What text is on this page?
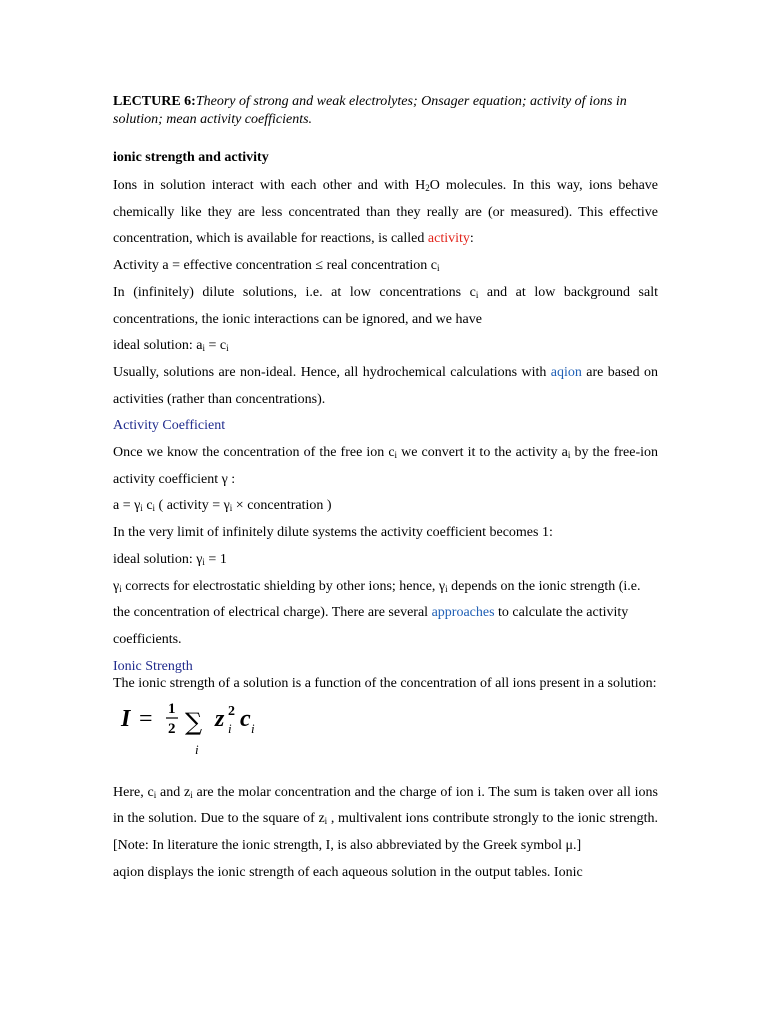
LECTURE 6:Theory of strong and weak electrolytes; Onsager equation; activity of ions in solution; mean activity coefficients.

ionic strength and activity

Ions in solution interact with each other and with $H_2O$ molecules. In this way, ions behave chemically like they are less concentrated than they really are (or measured). This effective concentration, which is available for reactions, is called activity:

Activity a = effective concentration ≤ real concentration $c_i$

In (infinitely) dilute solutions, i.e. at low concentrations $c_i$ and at low background salt concentrations, the ionic interactions can be ignored, and we have

ideal solution: $a_i = c_i$

Usually, solutions are non-ideal. Hence, all hydrochemical calculations with aqion are based on activities (rather than concentrations).

Activity Coefficient

Once we know the concentration of the free ion $c_i$ we convert it to the activity $a_i$ by the free-ion activity coefficient γ :

$a = \gamma_i$ $c_i$ ( activity = $\gamma_i$ × concentration )

In the very limit of infinitely dilute systems the activity coefficient becomes 1:

ideal solution: $\gamma_i = 1$

$\gamma_i$ corrects for electrostatic shielding by other ions; hence, $\gamma_i$ depends on the ionic strength (i.e. the concentration of electrical charge). There are several approaches to calculate the activity coefficients.

Ionic Strength

The ionic strength of a solution is a function of the concentration of all ions present in a solution:

I = 1
2 ∑
i
z 2
i c i

Here, $c_i$ and $z_i$ are the molar concentration and the charge of ion i. The sum is taken over all ions in the solution. Due to the square of $z_i$ , multivalent ions contribute strongly to the ionic strength. [Note: In literature the ionic strength, I, is also abbreviated by the Greek symbol μ.]

aqion displays the ionic strength of each aqueous solution in the output tables. Ionic
